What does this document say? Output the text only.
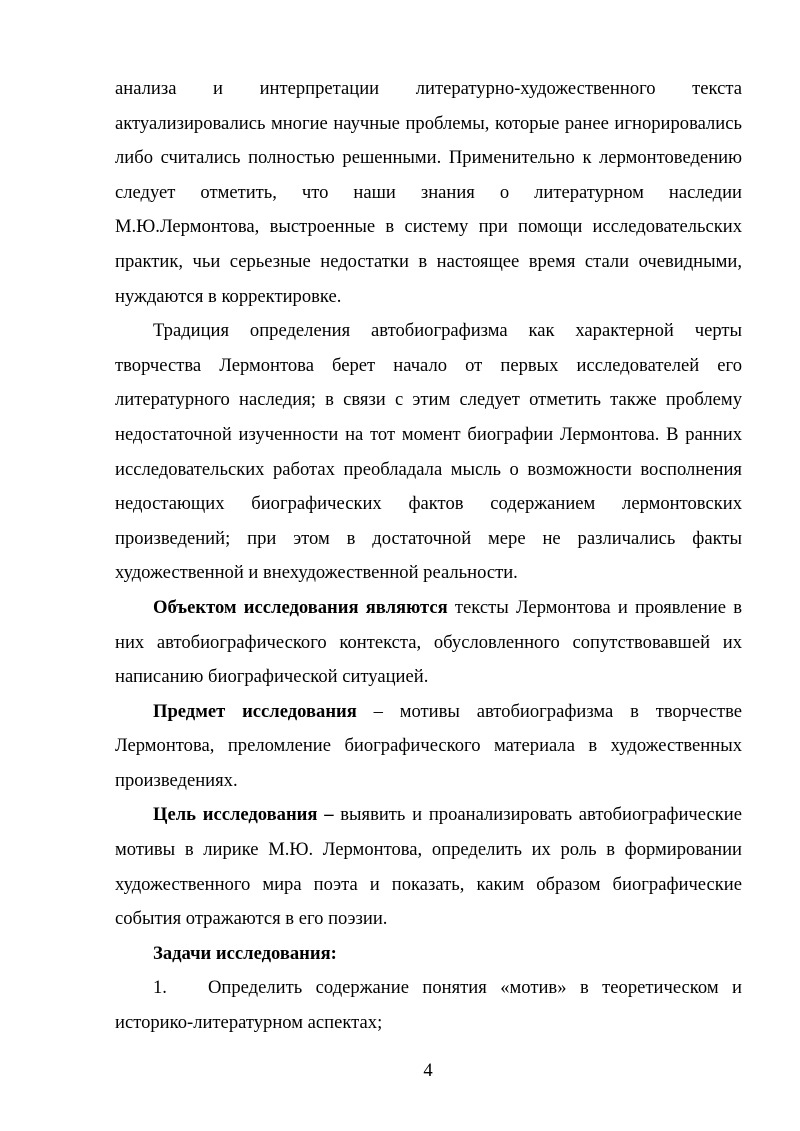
анализа и интерпретации литературно-художественного текста
актуализировались многие научные проблемы, которые ранее игнорировались
либо считались полностью решенными. Применительно к лермонтоведению
следует отметить, что наши знания о литературном наследии
М.Ю.Лермонтова, выстроенные в систему при помощи исследовательских
практик, чьи серьезные недостатки в настоящее время стали очевидными,
нуждаются в корректировке.
Традиция определения автобиографизма как характерной черты
творчества Лермонтова берет начало от первых исследователей его
литературного наследия; в связи с этим следует отметить также проблему
недостаточной изученности на тот момент биографии Лермонтова. В ранних
исследовательских работах преобладала мысль о возможности восполнения
недостающих биографических фактов содержанием лермонтовских
произведений; при этом в достаточной мере не различались факты
художественной и внехудожественной реальности.
Объектом исследования являются тексты Лермонтова и проявление в
них автобиографического контекста, обусловленного сопутствовавшей их
написанию биографической ситуацией.
Предмет исследования – мотивы автобиографизма в творчестве
Лермонтова, преломление биографического материала в художественных
произведениях.
Цель исследования – выявить и проанализировать автобиографические
мотивы в лирике М.Ю. Лермонтова, определить их роль в формировании
художественного мира поэта и показать, каким образом биографические
события отражаются в его поэзии.
Задачи исследования:
1. Определить содержание понятия «мотив» в теоретическом и
историко-литературном аспектах;
4
